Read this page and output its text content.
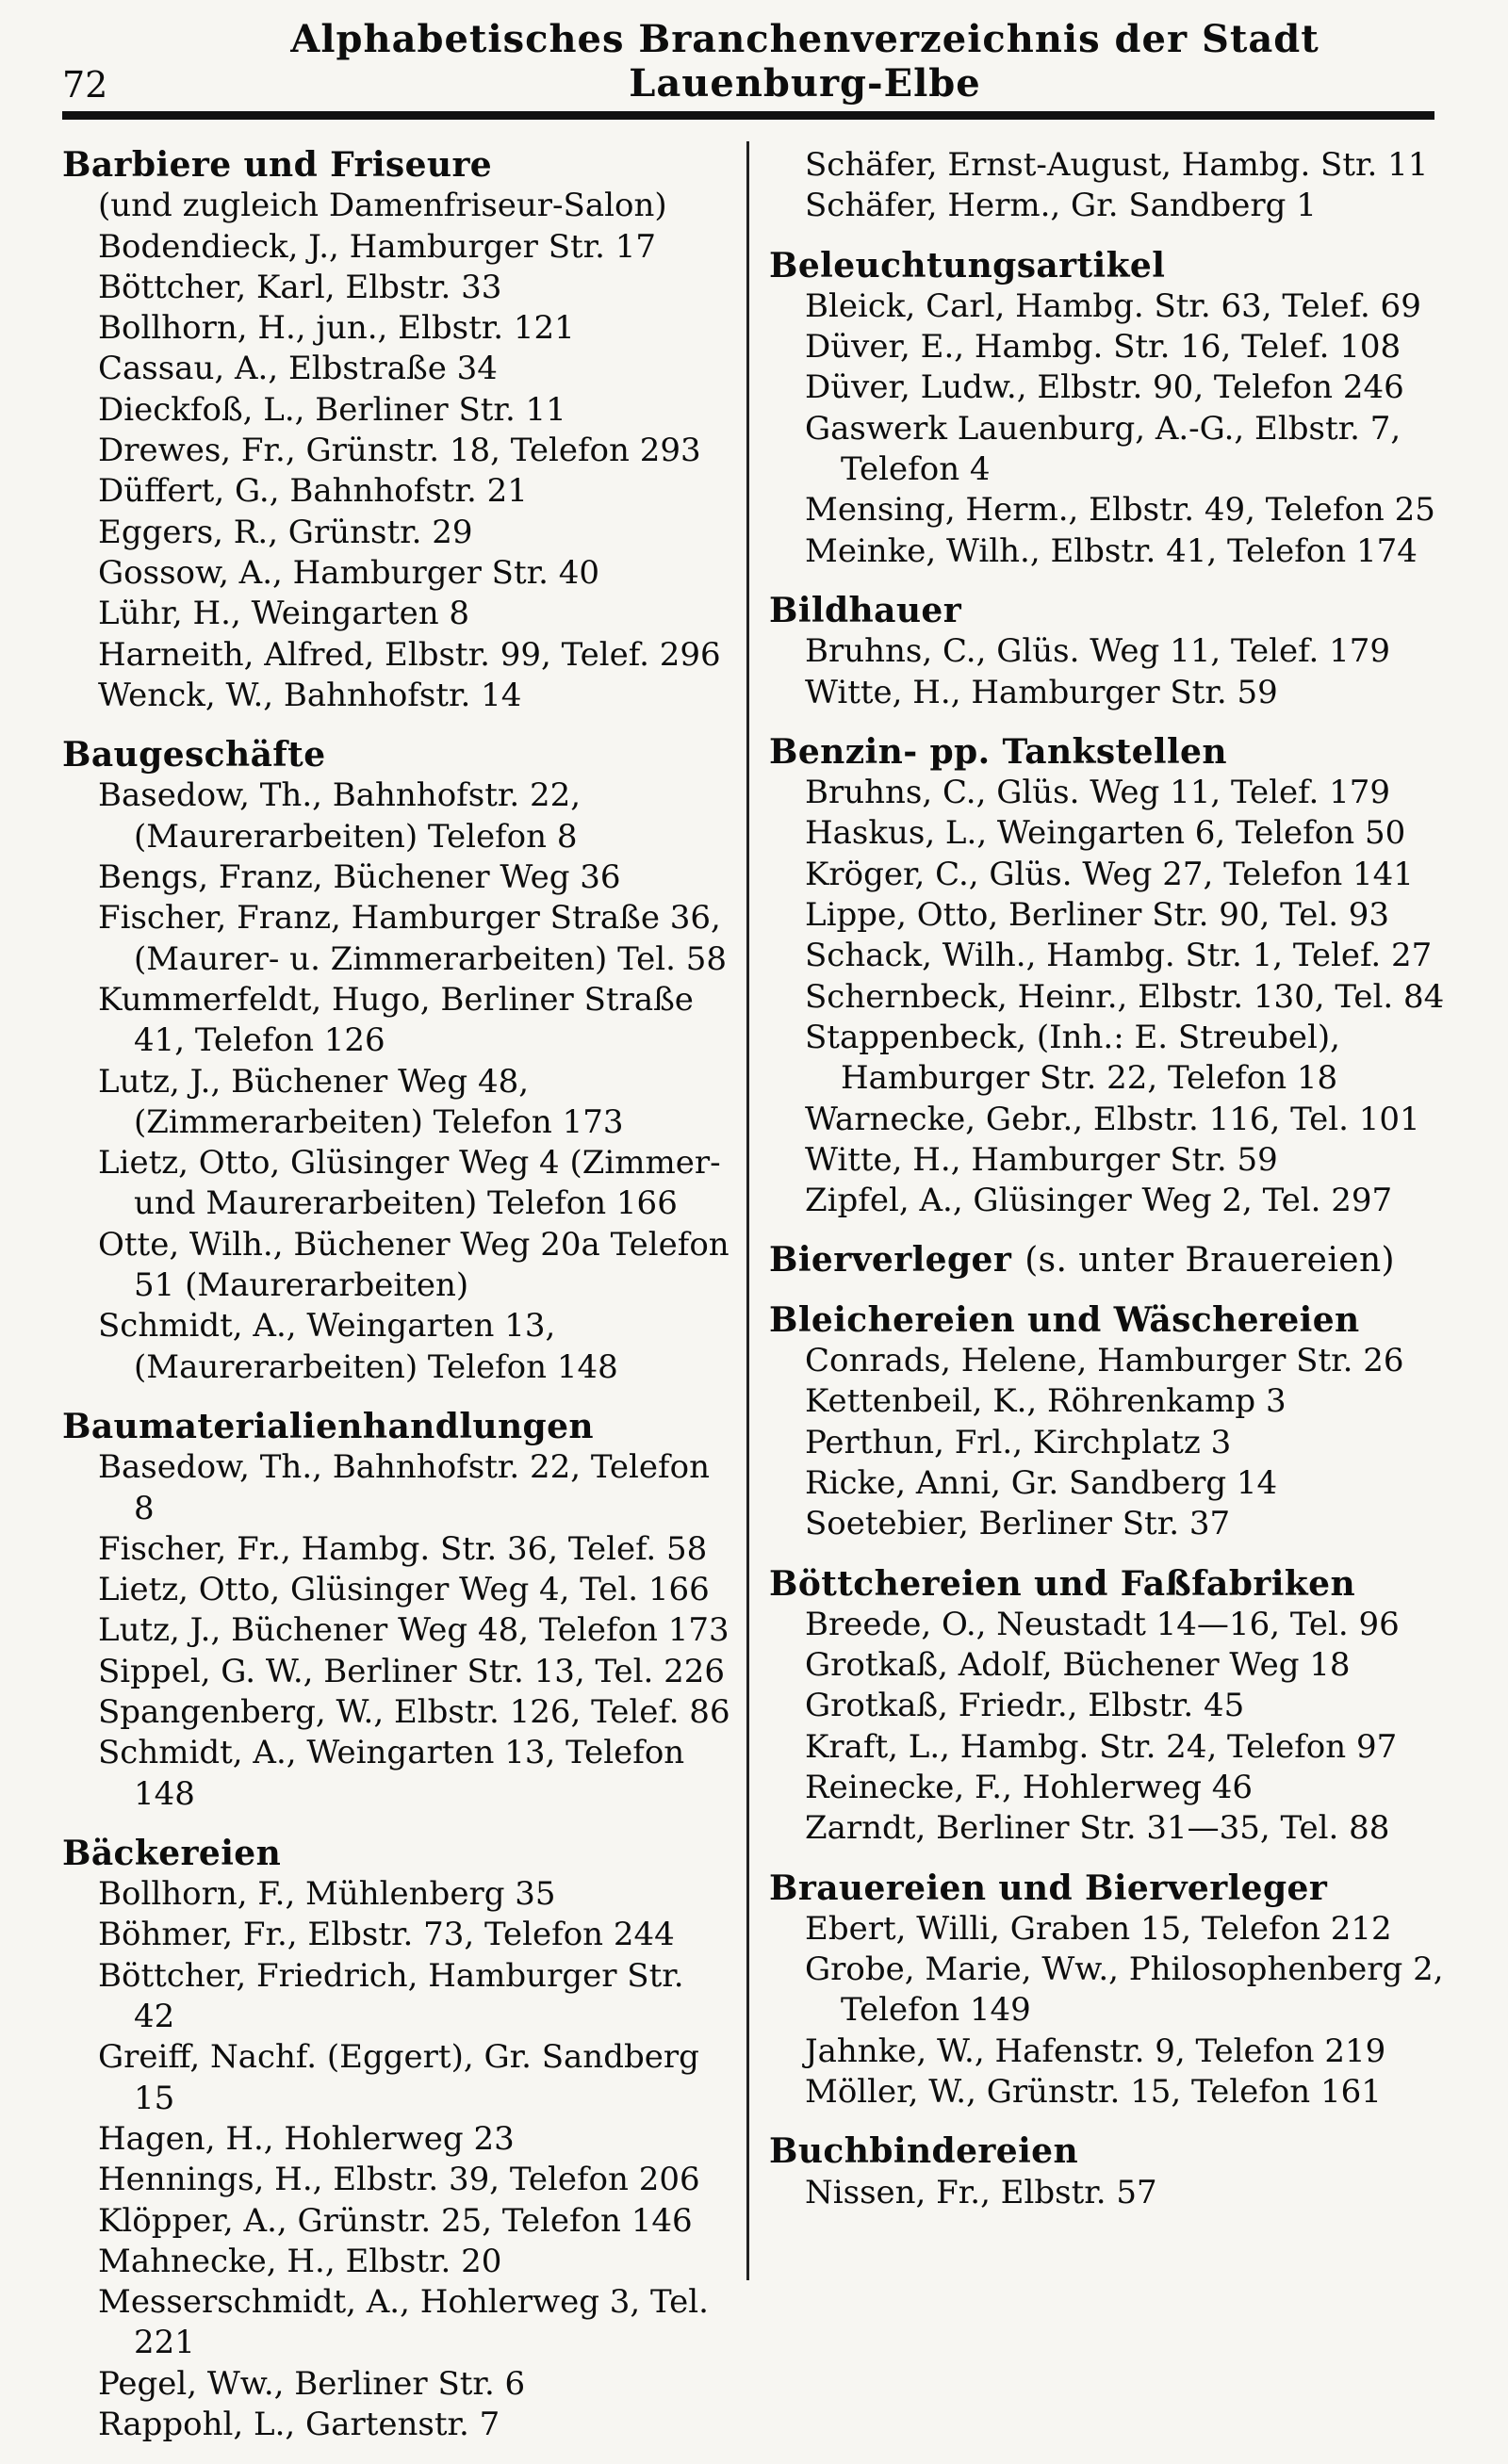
72
Alphabetisches Branchenverzeichnis der Stadt Lauenburg-Elbe
Barbiere und Friseure
(und zugleich Damenfriseur-Salon)
Bodendieck, J., Hamburger Str. 17
Böttcher, Karl, Elbstr. 33
Bollhorn, H., jun., Elbstr. 121
Cassau, A., Elbstraße 34
Dieckfoß, L., Berliner Str. 11
Drewes, Fr., Grünstr. 18, Telefon 293
Düffert, G., Bahnhofstr. 21
Eggers, R., Grünstr. 29
Gossow, A., Hamburger Str. 40
Lühr, H., Weingarten 8
Harneith, Alfred, Elbstr. 99, Telef. 296
Wenck, W., Bahnhofstr. 14
Baugeschäfte
Basedow, Th., Bahnhofstr. 22, (Maurerarbeiten) Telefon 8
Bengs, Franz, Büchener Weg 36
Fischer, Franz, Hamburger Straße 36, (Maurer- u. Zimmerarbeiten) Tel. 58
Kummerfeldt, Hugo, Berliner Straße 41, Telefon 126
Lutz, J., Büchener Weg 48, (Zimmerarbeiten) Telefon 173
Lietz, Otto, Glüsinger Weg 4 (Zimmer- und Maurerarbeiten) Telefon 166
Otte, Wilh., Büchener Weg 20a Telefon 51 (Maurerarbeiten)
Schmidt, A., Weingarten 13, (Maurerarbeiten) Telefon 148
Baumaterialienhandlungen
Basedow, Th., Bahnhofstr. 22, Telefon 8
Fischer, Fr., Hambg. Str. 36, Telef. 58
Lietz, Otto, Glüsinger Weg 4, Tel. 166
Lutz, J., Büchener Weg 48, Telefon 173
Sippel, G. W., Berliner Str. 13, Tel. 226
Spangenberg, W., Elbstr. 126, Telef. 86
Schmidt, A., Weingarten 13, Telefon 148
Bäckereien
Bollhorn, F., Mühlenberg 35
Böhmer, Fr., Elbstr. 73, Telefon 244
Böttcher, Friedrich, Hamburger Str. 42
Greiff, Nachf. (Eggert), Gr. Sandberg 15
Hagen, H., Hohlerweg 23
Hennings, H., Elbstr. 39, Telefon 206
Klöpper, A., Grünstr. 25, Telefon 146
Mahnecke, H., Elbstr. 20
Messerschmidt, A., Hohlerweg 3, Tel. 221
Pegel, Ww., Berliner Str. 6
Rappohl, L., Gartenstr. 7
Schäfer, Ernst-August, Hambg. Str. 11
Schäfer, Herm., Gr. Sandberg 1
Beleuchtungsartikel
Bleick, Carl, Hambg. Str. 63, Telef. 69
Düver, E., Hambg. Str. 16, Telef. 108
Düver, Ludw., Elbstr. 90, Telefon 246
Gaswerk Lauenburg, A.-G., Elbstr. 7, Telefon 4
Mensing, Herm., Elbstr. 49, Telefon 25
Meinke, Wilh., Elbstr. 41, Telefon 174
Bildhauer
Bruhns, C., Glüs. Weg 11, Telef. 179
Witte, H., Hamburger Str. 59
Benzin- pp. Tankstellen
Bruhns, C., Glüs. Weg 11, Telef. 179
Haskus, L., Weingarten 6, Telefon 50
Kröger, C., Glüs. Weg 27, Telefon 141
Lippe, Otto, Berliner Str. 90, Tel. 93
Schack, Wilh., Hambg. Str. 1, Telef. 27
Schernbeck, Heinr., Elbstr. 130, Tel. 84
Stappenbeck, (Inh.: E. Streubel), Hamburger Str. 22, Telefon 18
Warnecke, Gebr., Elbstr. 116, Tel. 101
Witte, H., Hamburger Str. 59
Zipfel, A., Glüsinger Weg 2, Tel. 297
Bierverleger (s. unter Brauereien)
Bleichereien und Wäschereien
Conrads, Helene, Hamburger Str. 26
Kettenbeil, K., Röhrenkamp 3
Perthun, Frl., Kirchplatz 3
Ricke, Anni, Gr. Sandberg 14
Soetebier, Berliner Str. 37
Böttchereien und Faßfabriken
Breede, O., Neustadt 14—16, Tel. 96
Grotkaß, Adolf, Büchener Weg 18
Grotkaß, Friedr., Elbstr. 45
Kraft, L., Hambg. Str. 24, Telefon 97
Reinecke, F., Hohlerweg 46
Zarndt, Berliner Str. 31—35, Tel. 88
Brauereien und Bierverleger
Ebert, Willi, Graben 15, Telefon 212
Grobe, Marie, Ww., Philosophenberg 2, Telefon 149
Jahnke, W., Hafenstr. 9, Telefon 219
Möller, W., Grünstr. 15, Telefon 161
Buchbindereien
Nissen, Fr., Elbstr. 57
